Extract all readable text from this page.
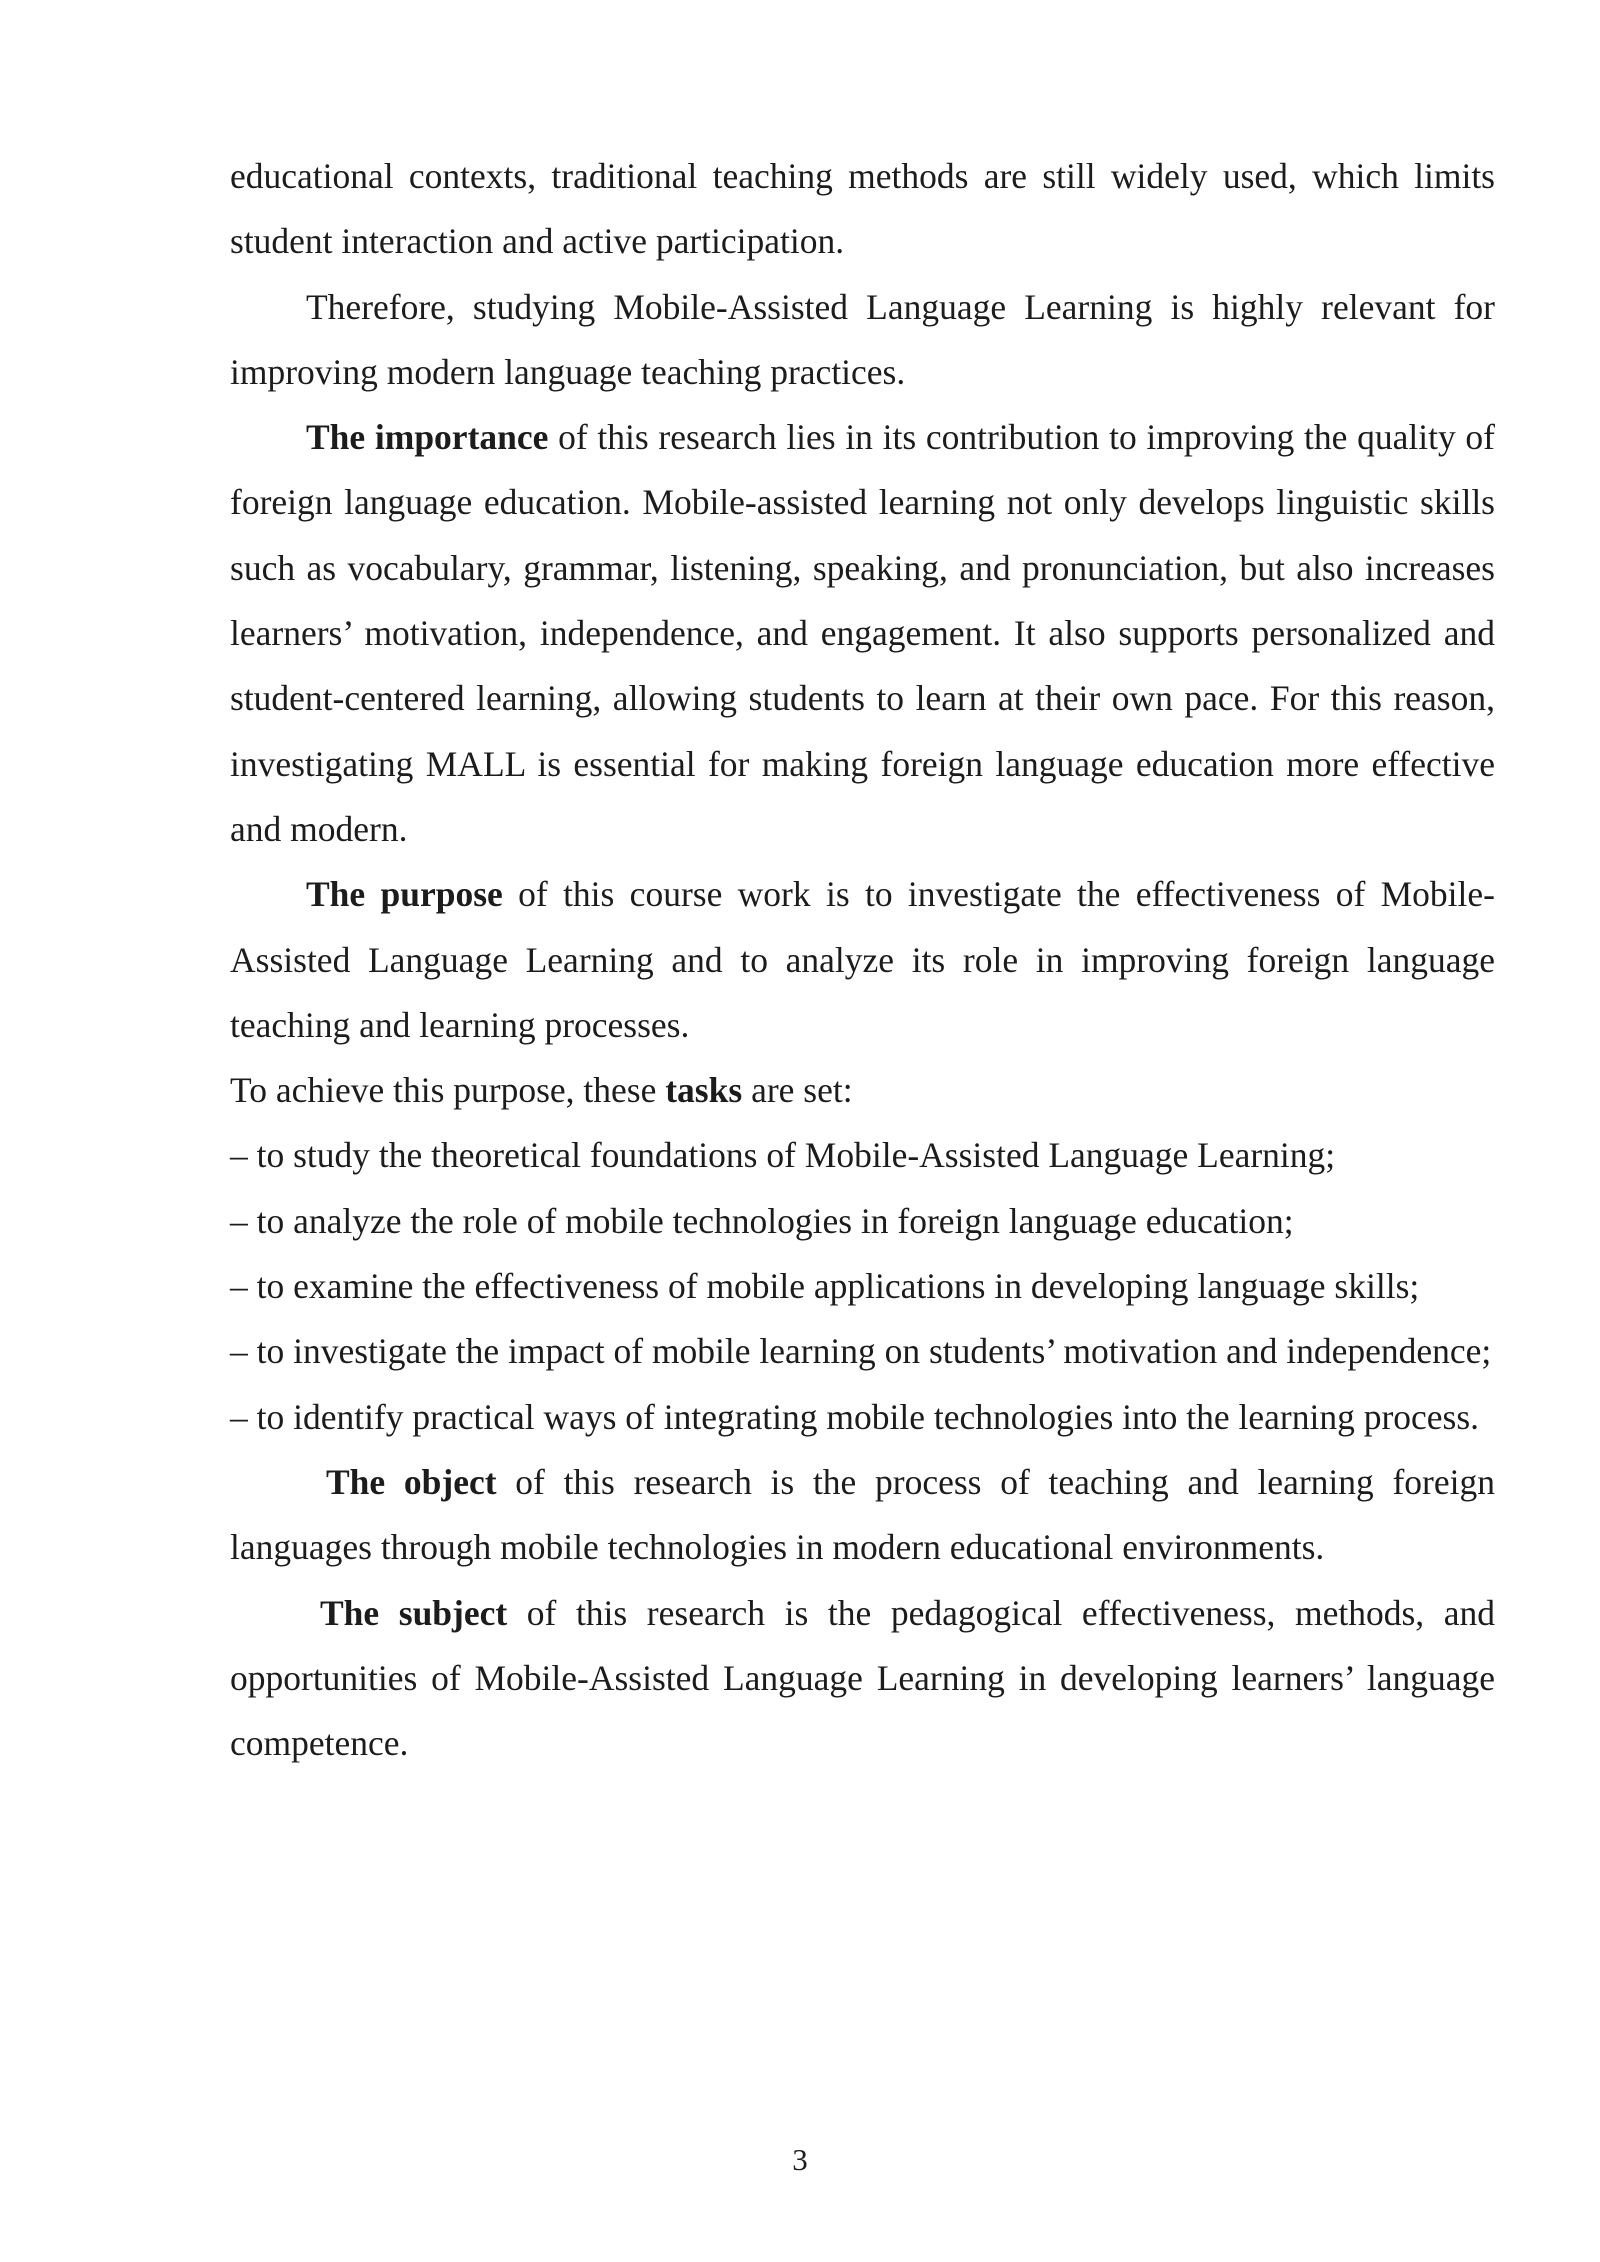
educational contexts, traditional teaching methods are still widely used, which limits student interaction and active participation.

Therefore, studying Mobile-Assisted Language Learning is highly relevant for improving modern language teaching practices.

The importance of this research lies in its contribution to improving the quality of foreign language education. Mobile-assisted learning not only develops linguistic skills such as vocabulary, grammar, listening, speaking, and pronunciation, but also increases learners’ motivation, independence, and engagement. It also supports personalized and student-centered learning, allowing students to learn at their own pace. For this reason, investigating MALL is essential for making foreign language education more effective and modern.

The purpose of this course work is to investigate the effectiveness of Mobile-Assisted Language Learning and to analyze its role in improving foreign language teaching and learning processes.

To achieve this purpose, these tasks are set:

– to study the theoretical foundations of Mobile-Assisted Language Learning;

– to analyze the role of mobile technologies in foreign language education;

– to examine the effectiveness of mobile applications in developing language skills;

– to investigate the impact of mobile learning on students’ motivation and independence;

– to identify practical ways of integrating mobile technologies into the learning process.

The object of this research is the process of teaching and learning foreign languages through mobile technologies in modern educational environments.

The subject of this research is the pedagogical effectiveness, methods, and opportunities of Mobile-Assisted Language Learning in developing learners’ language competence.

3
